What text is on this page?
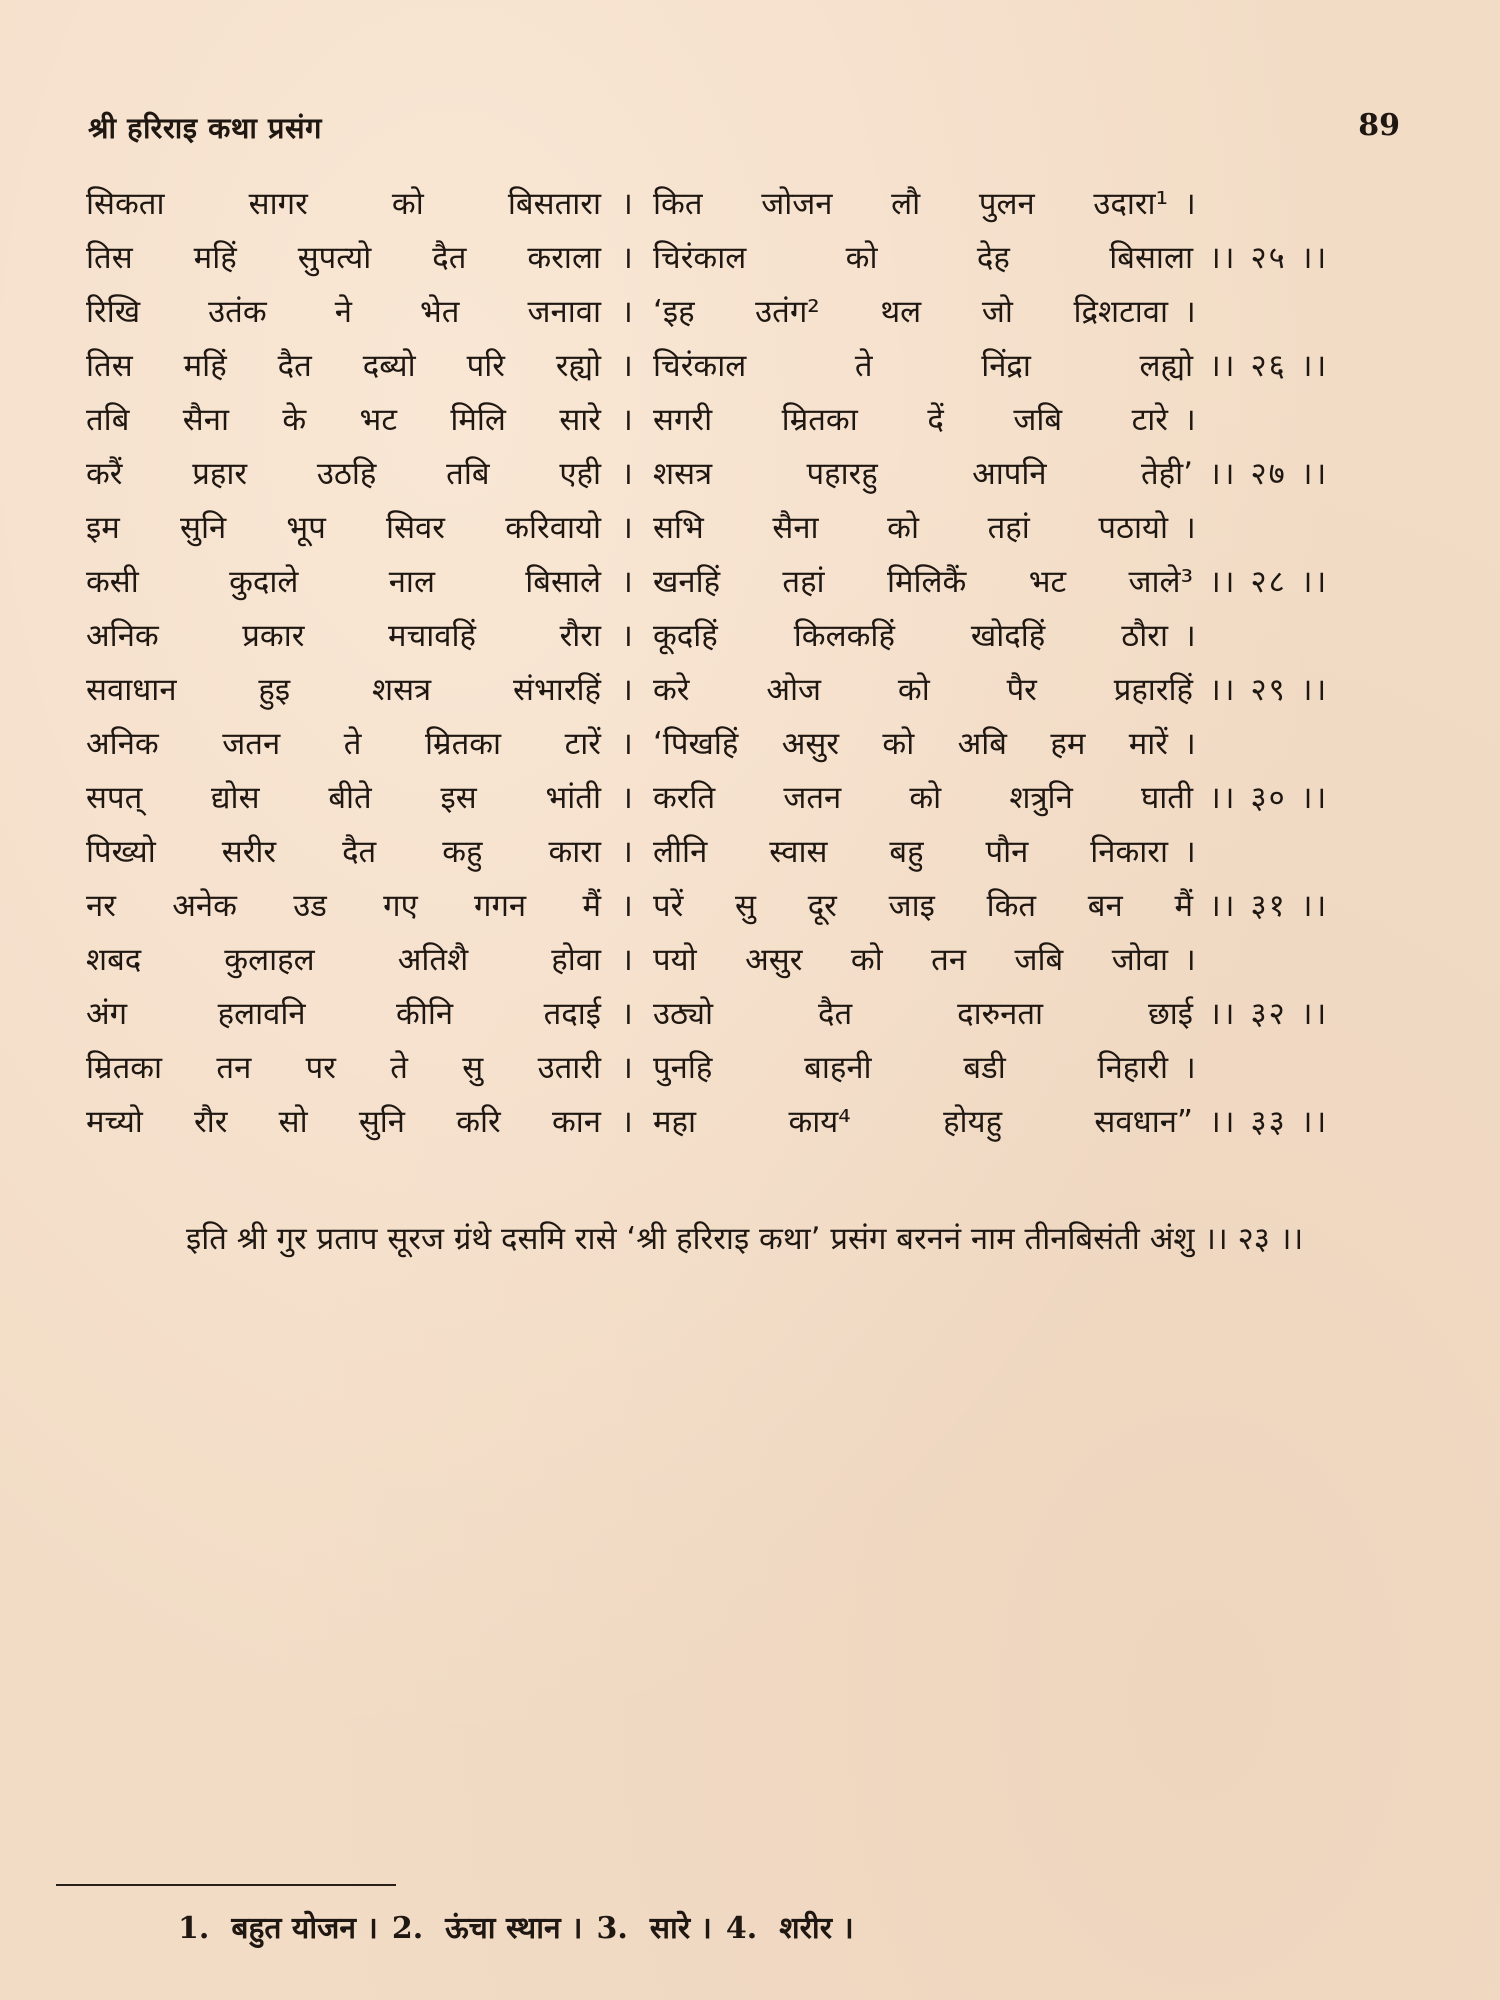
श्री हरिराइ कथा प्रसंग	89
सिकता सागर को बिसतारा । कित जोजन लौ पुलन उदारा¹ ।
तिस महिं सुपत्यो दैत कराला । चिरंकाल को देह बिसाला ।। २५ ।।
रिखि उतंक ने भेत जनावा । ‘इह उतंग² थल जो द्रिशटावा ।
तिस महिं दैत दब्यो परि रह्यो । चिरंकाल ते निंद्रा लह्यो ।। २६ ।।
तबि सैना के भट मिलि सारे । सगरी म्रितका दें जबि टारे ।
करैं प्रहार उठहि तबि एही । शसत्र पहारहु आपनि तेही’ ।। २७ ।।
इम सुनि भूप सिवर करिवायो । सभि सैना को तहां पठायो ।
कसी कुदाले नाल बिसाले । खनहिं तहां मिलिकैं भट जाले³ ।। २८ ।।
अनिक प्रकार मचावहिं रौरा । कूदहिं किलकहिं खोदहिं ठौरा ।
सवाधान हुइ शसत्र संभारहिं । करे ओज को पैर प्रहारहिं ।। २९ ।।
अनिक जतन ते म्रितका टारें । ‘पिखहिं असुर को अबि हम मारें ।
सपत् द्योस बीते इस भांती । करति जतन को शत्रुनि घाती ।। ३० ।।
पिख्यो सरीर दैत कहु कारा । लीनि स्वास बहु पौन निकारा ।
नर अनेक उड गए गगन मैं । परें सु दूर जाइ कित बन मैं ।। ३१ ।।
शबद कुलाहल अतिशै होवा । पयो असुर को तन जबि जोवा ।
अंग हलावनि कीनि तदाई । उठ्यो दैत दारुनता छाई ।। ३२ ।।
म्रितका तन पर ते सु उतारी । पुनहि बाहनी बडी निहारी ।
मच्यो रौर सो सुनि करि कान । महा काय⁴ होयहु सवधान” ।। ३३ ।।
इति श्री गुर प्रताप सूरज ग्रंथे दसमि रासे ‘श्री हरिराइ कथा’ प्रसंग बरननं नाम तीनबिसंती अंशु ।। २३ ।।
1. बहुत योजन । 2. ऊंचा स्थान । 3. सारे । 4. शरीर ।
